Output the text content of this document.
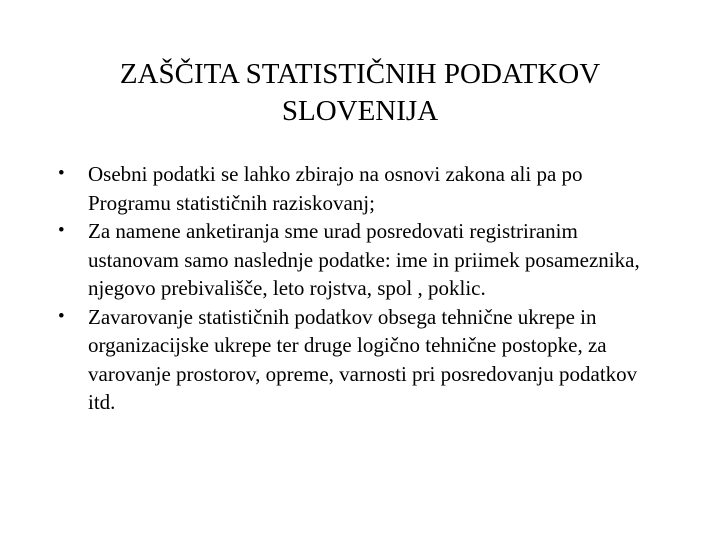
ZAŠČITA STATISTIČNIH PODATKOV
SLOVENIJA
• Osebni podatki se lahko zbirajo na osnovi zakona ali pa po Programu statističnih raziskovanj;
• Za namene anketiranja sme urad posredovati registriranim ustanovam samo naslednje podatke: ime in priimek posameznika, njegovo prebivališče, leto rojstva, spol , poklic.
• Zavarovanje statističnih podatkov obsega tehnične ukrepe in organizacijske ukrepe ter druge logično tehnične postopke, za varovanje prostorov, opreme, varnosti pri posredovanju podatkov itd.
